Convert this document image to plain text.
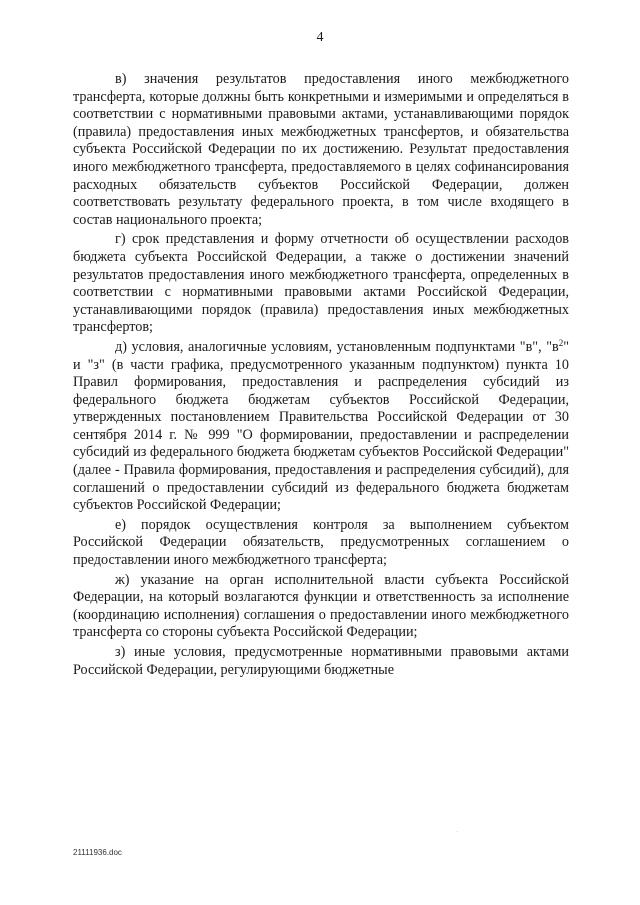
4

в) значения результатов предоставления иного межбюджетного трансферта, которые должны быть конкретными и измеримыми и определяться в соответствии с нормативными правовыми актами, устанавливающими порядок (правила) предоставления иных межбюджетных трансфертов, и обязательства субъекта Российской Федерации по их достижению. Результат предоставления иного межбюджетного трансферта, предоставляемого в целях софинансирования расходных обязательств субъектов Российской Федерации, должен соответствовать результату федерального проекта, в том числе входящего в состав национального проекта;

г) срок представления и форму отчетности об осуществлении расходов бюджета субъекта Российской Федерации, а также о достижении значений результатов предоставления иного межбюджетного трансферта, определенных в соответствии с нормативными правовыми актами Российской Федерации, устанавливающими порядок (правила) предоставления иных межбюджетных трансфертов;

д) условия, аналогичные условиям, установленным подпунктами "в", "$в^2$" и "з" (в части графика, предусмотренного указанным подпунктом) пункта 10 Правил формирования, предоставления и распределения субсидий из федерального бюджета бюджетам субъектов Российской Федерации, утвержденных постановлением Правительства Российской Федерации от 30 сентября 2014 г. № 999 "О формировании, предоставлении и распределении субсидий из федерального бюджета бюджетам субъектов Российской Федерации" (далее - Правила формирования, предоставления и распределения субсидий), для соглашений о предоставлении субсидий из федерального бюджета бюджетам субъектов Российской Федерации;

е) порядок осуществления контроля за выполнением субъектом Российской Федерации обязательств, предусмотренных соглашением о предоставлении иного межбюджетного трансферта;

ж) указание на орган исполнительной власти субъекта Российской Федерации, на который возлагаются функции и ответственность за исполнение (координацию исполнения) соглашения о предоставлении иного межбюджетного трансферта со стороны субъекта Российской Федерации;

з) иные условия, предусмотренные нормативными правовыми актами Российской Федерации, регулирующими бюджетные

·
21111936.doc
